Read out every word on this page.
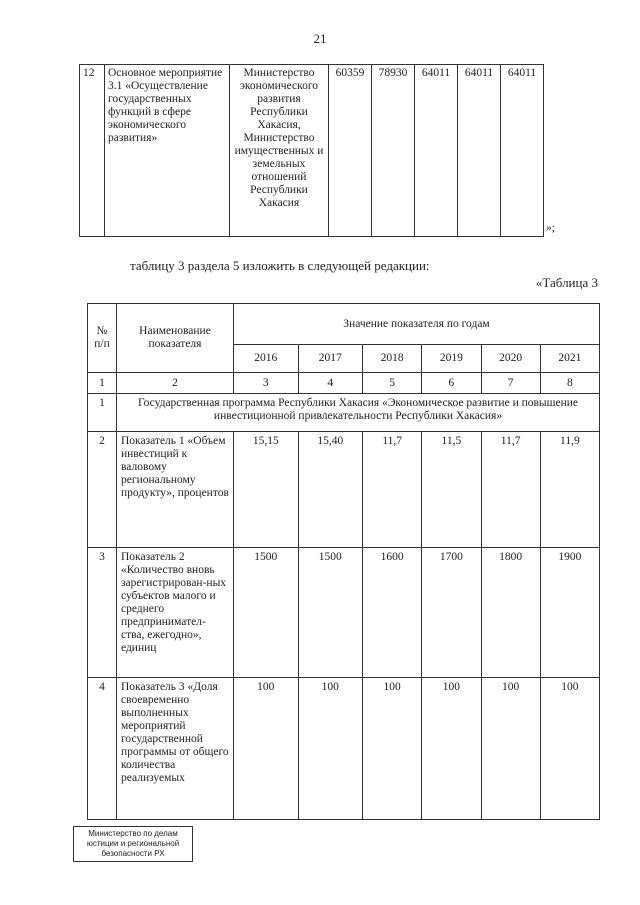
21
12	Основное мероприятие 3.1 «Осуществление государственных функций в сфере экономического развития»	Министерство экономического развития Республики Хакасия, Министерство имущественных и земельных отношений Республики Хакасия	60359	78930	64011	64011	64011	»;
таблицу 3 раздела 5 изложить в следующей редакции:
«Таблица 3
№ п/п	Наименование показателя	Значение показателя по годам					
		2016	2017	2018	2019	2020	2021
1	2	3	4	5	6	7	8
1	Государственная программа Республики Хакасия «Экономическое развитие и повышение инвестиционной привлекательности Республики Хакасия»						
2	Показатель 1 «Объем инвестиций к валовому региональному продукту», процентов	15,15	15,40	11,7	11,5	11,7	11,9
3	Показатель 2 «Количество вновь зарегистрирован-ных субъектов малого и среднего предпринимател-ства, ежегодно», единиц	1500	1500	1600	1700	1800	1900
4	Показатель 3 «Доля своевременно выполненных мероприятий государственной программы от общего количества реализуемых	100	100	100	100	100	100
Министерство по делам юстиции и региональной безопасности РХ
